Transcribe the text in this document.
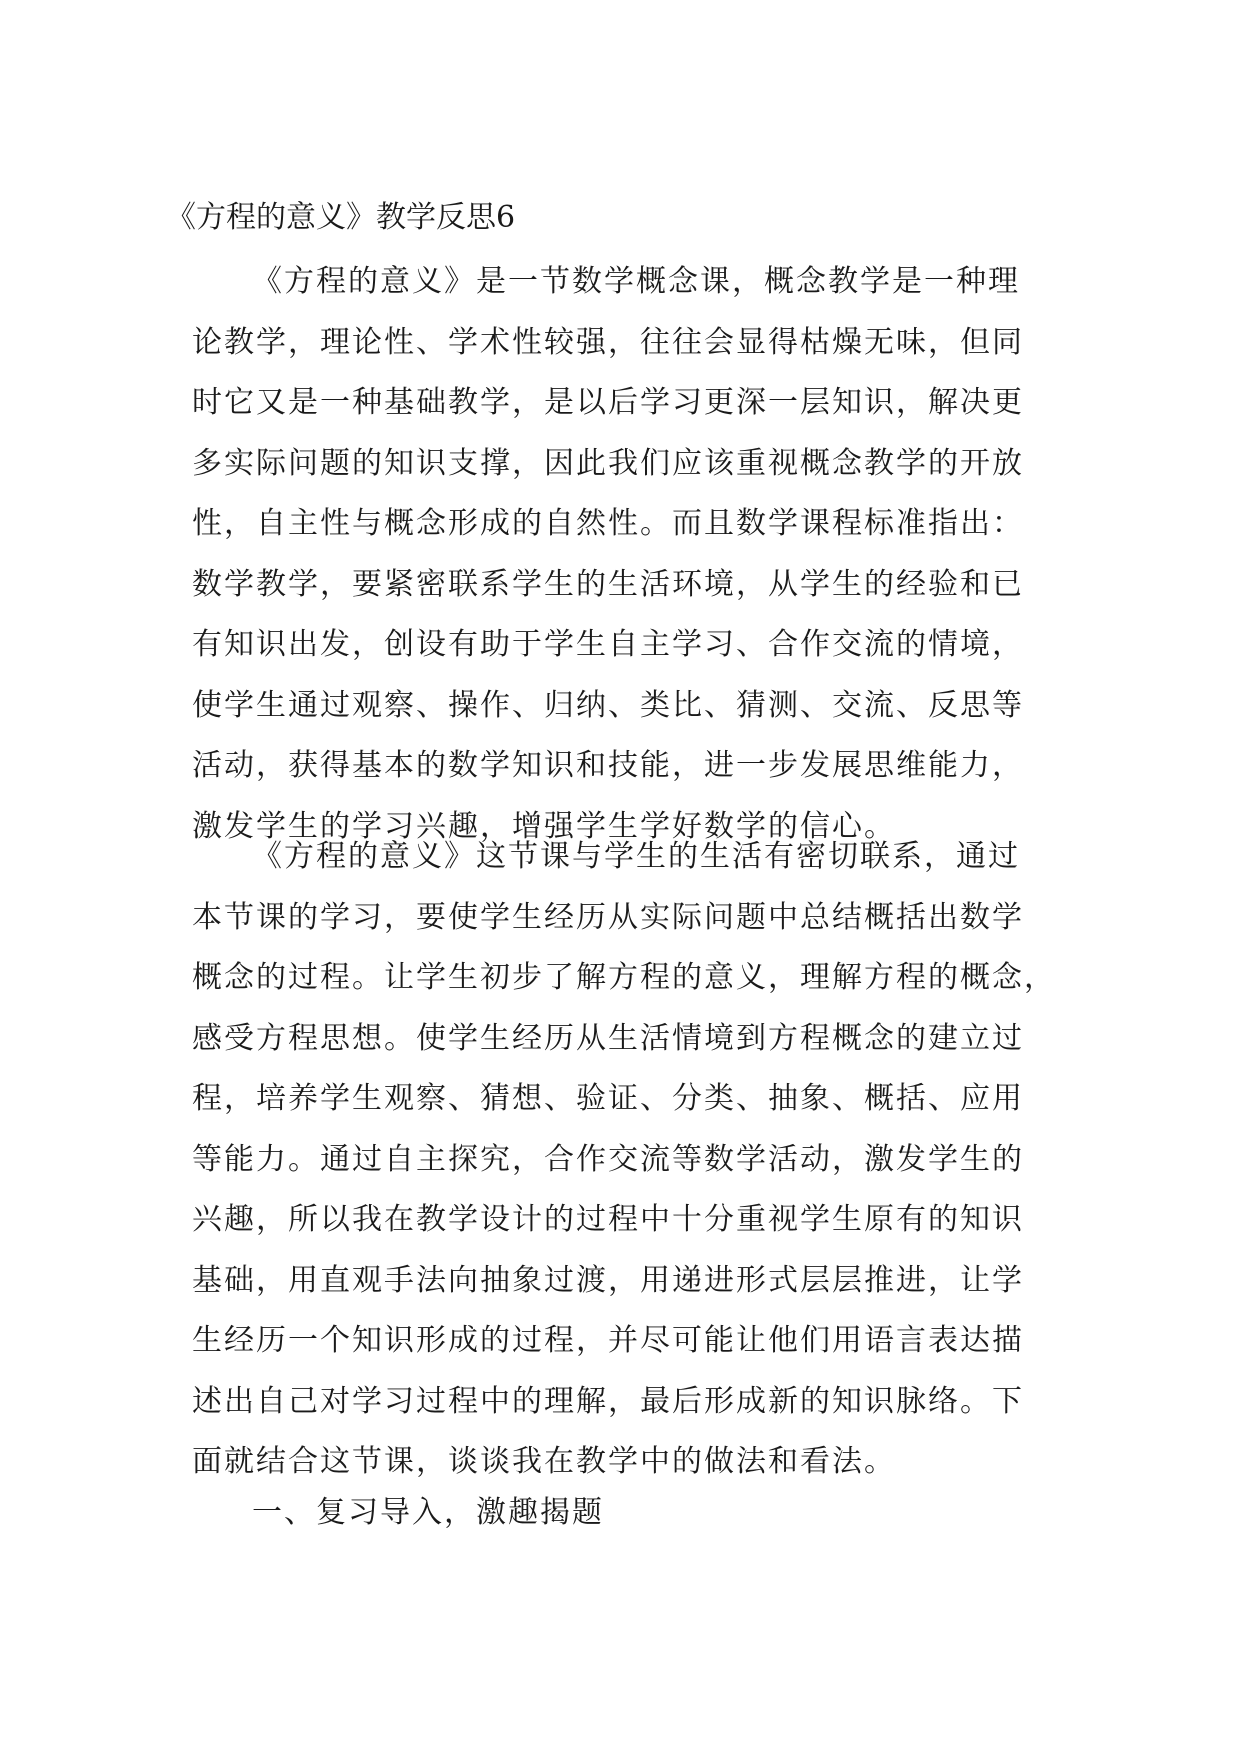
《方程的意义》教学反思6
《方程的意义》是一节数学概念课，概念教学是一种理
论教学，理论性、学术性较强，往往会显得枯燥无味，但同
时它又是一种基础教学，是以后学习更深一层知识，解决更
多实际问题的知识支撑，因此我们应该重视概念教学的开放
性，自主性与概念形成的自然性。而且数学课程标准指出：
数学教学，要紧密联系学生的生活环境，从学生的经验和已
有知识出发，创设有助于学生自主学习、合作交流的情境，
使学生通过观察、操作、归纳、类比、猜测、交流、反思等
活动，获得基本的数学知识和技能，进一步发展思维能力，
激发学生的学习兴趣，增强学生学好数学的信心。
《方程的意义》这节课与学生的生活有密切联系，通过
本节课的学习，要使学生经历从实际问题中总结概括出数学
概念的过程。让学生初步了解方程的意义，理解方程的概念，
感受方程思想。使学生经历从生活情境到方程概念的建立过
程，培养学生观察、猜想、验证、分类、抽象、概括、应用
等能力。通过自主探究，合作交流等数学活动，激发学生的
兴趣，所以我在教学设计的过程中十分重视学生原有的知识
基础，用直观手法向抽象过渡，用递进形式层层推进，让学
生经历一个知识形成的过程，并尽可能让他们用语言表达描
述出自己对学习过程中的理解，最后形成新的知识脉络。下
面就结合这节课，谈谈我在教学中的做法和看法。
一、复习导入，激趣揭题
